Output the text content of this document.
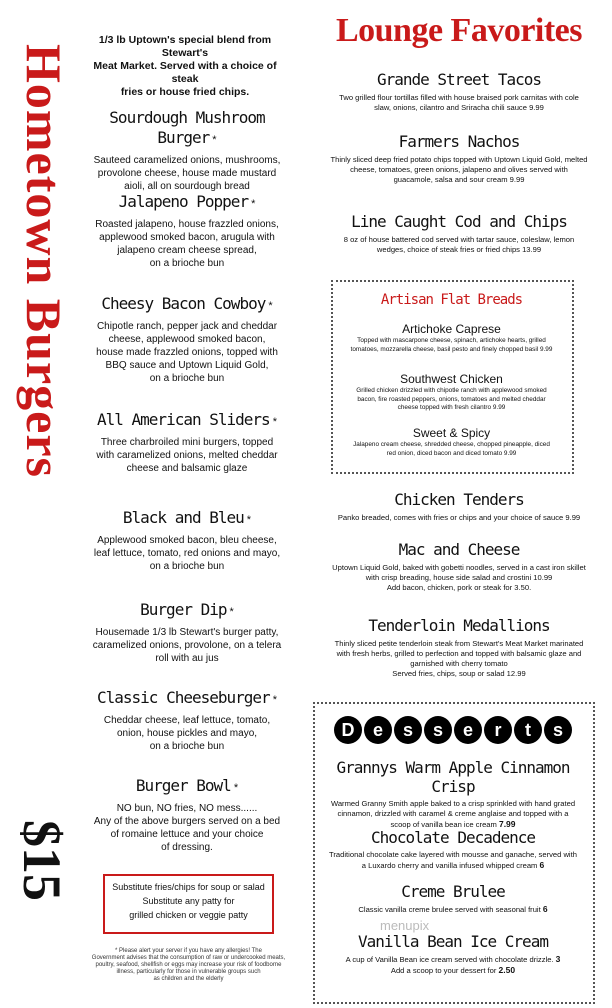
Hometown Burgers
$15
1/3 lb Uptown's special blend from Stewart's
Meat Market. Served with a choice of steak
fries or house fried chips.
Sourdough Mushroom Burger *
Sauteed caramelized onions, mushrooms,
provolone cheese, house made mustard
aioli, all on sourdough bread
Jalapeno Popper *
Roasted jalapeno, house frazzled onions,
applewood smoked bacon, arugula with
jalapeno cream cheese spread,
on a brioche bun
Cheesy Bacon Cowboy *
Chipotle ranch, pepper jack and cheddar
cheese, applewood smoked bacon,
house made frazzled onions, topped with
BBQ sauce and Uptown Liquid Gold,
on a brioche bun
All American Sliders *
Three charbroiled mini burgers, topped
with caramelized onions, melted cheddar
cheese and balsamic glaze
Black and Bleu *
Applewood smoked bacon, bleu cheese,
leaf lettuce, tomato, red onions and mayo,
on a brioche bun
Burger Dip *
Housemade 1/3 lb Stewart's burger patty,
caramelized onions, provolone, on a telera
roll with au jus
Classic Cheeseburger *
Cheddar cheese, leaf lettuce, tomato,
onion, house pickles and mayo,
on a brioche bun
Burger Bowl *
NO bun, NO fries, NO mess......
Any of the above burgers served on a bed
of romaine lettuce and your choice
of dressing.
Substitute fries/chips for soup or salad
Substitute any patty for
grilled chicken or veggie patty
* Please alert your server if you have any allergies! The
Government advises that the consumption of raw or undercooked meats,
poultry, seafood, shellfish or eggs may increase your risk of foodborne
illness, particularly for those in vulnerable groups such
as children and the elderly
Lounge Favorites
Grande Street Tacos
Two grilled flour tortillas filled with house braised pork carnitas with cole
slaw, onions, cilantro and Sriracha chili sauce 9.99
Farmers Nachos
Thinly sliced deep fried potato chips topped with Uptown Liquid Gold, melted
cheese, tomatoes, green onions, jalapeno and olives served with
guacamole, salsa and sour cream 9.99
Line Caught Cod and Chips
8 oz of house battered cod served with tartar sauce, coleslaw, lemon
wedges, choice of steak fries or fried chips 13.99
Artisan Flat Breads
Artichoke Caprese
Topped with mascarpone cheese, spinach, artichoke hearts, grilled
tomatoes, mozzarella cheese, basil pesto and finely chopped basil 9.99
Southwest Chicken
Grilled chicken drizzled with chipotle ranch with applewood smoked
bacon, fire roasted peppers, onions, tomatoes and melted cheddar
cheese topped with fresh cilantro 9.99
Sweet & Spicy
Jalapeno cream cheese, shredded cheese, chopped pineapple, diced
red onion, diced bacon and diced tomato 9.99
Chicken Tenders
Panko breaded, comes with fries or chips and your choice of sauce 9.99
Mac and Cheese
Uptown Liquid Gold, baked with gobetti noodles, served in a cast iron skillet
with crisp breading, house side salad and crostini 10.99
Add bacon, chicken, pork or steak for 3.50.
Tenderloin Medallions
Thinly sliced petite tenderloin steak from Stewart's Meat Market marinated
with fresh herbs, grilled to perfection and topped with balsamic glaze and
garnished with cherry tomato
Served fries, chips, soup or salad 12.99
D e s s e r t s
Grannys Warm Apple Cinnamon Crisp
Warmed Granny Smith apple baked to a crisp sprinkled with hand grated
cinnamon, drizzled with caramel & creme anglaise and topped with a
scoop of vanilla bean ice cream 7.99
Chocolate Decadence
Traditional chocolate cake layered with mousse and ganache, served with
a Luxardo cherry and vanilla infused whipped cream 6
Creme Brulee
Classic vanilla creme brulee served with seasonal fruit 6
Vanilla Bean Ice Cream
A cup of Vanilla Bean ice cream served with chocolate drizzle. 3
Add a scoop to your dessert for 2.50
menupix
